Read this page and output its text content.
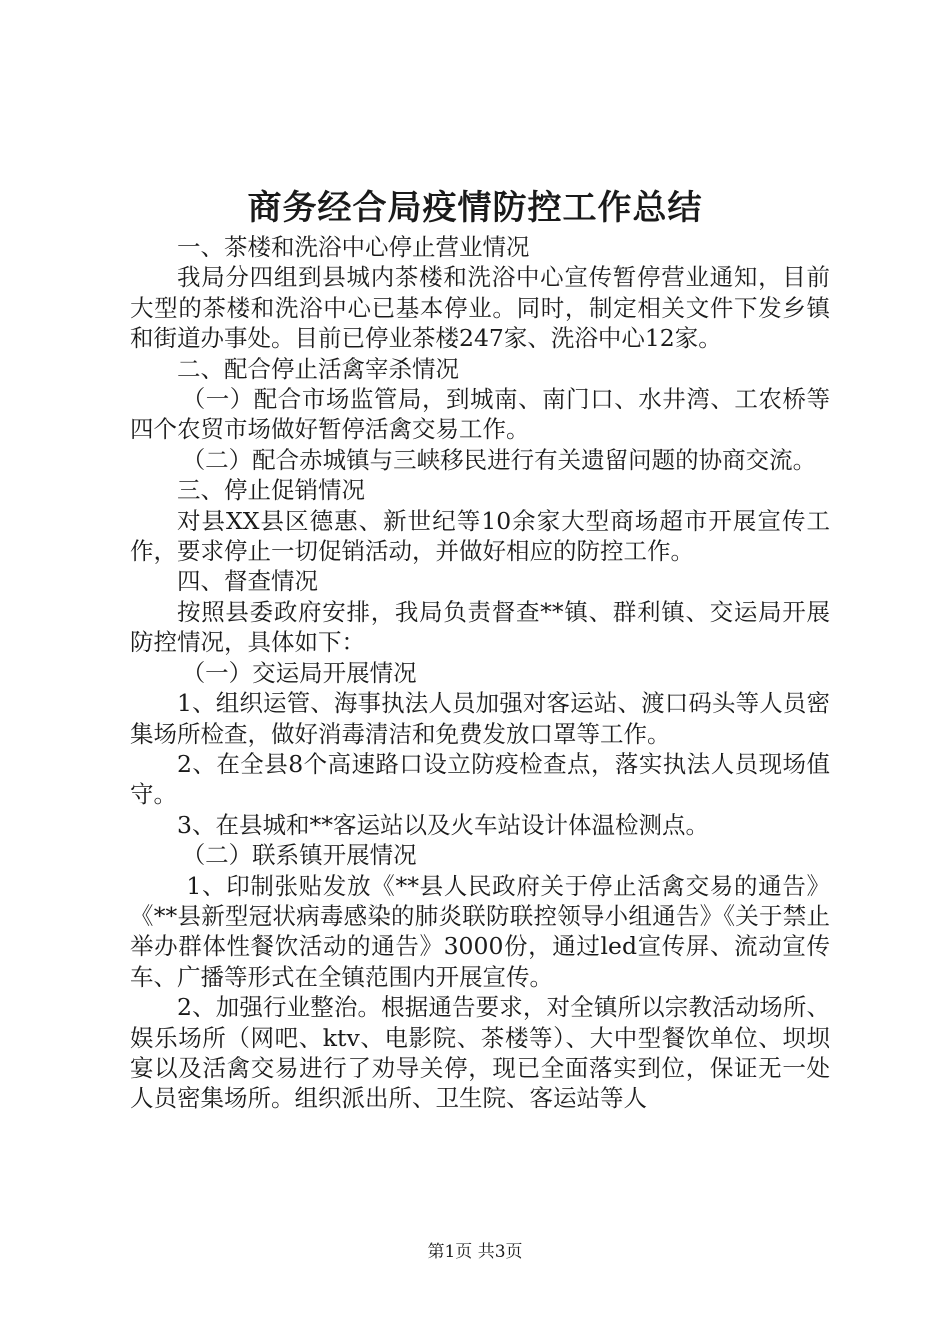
商务经合局疫情防控工作总结

一、茶楼和洗浴中心停止营业情况

我局分四组到县城内茶楼和洗浴中心宣传暂停营业通知，目前大型的茶楼和洗浴中心已基本停业。同时，制定相关文件下发乡镇和街道办事处。目前已停业茶楼247家、洗浴中心12家。

二、配合停止活禽宰杀情况

（一）配合市场监管局，到城南、南门口、水井湾、工农桥等四个农贸市场做好暂停活禽交易工作。

（二）配合赤城镇与三峡移民进行有关遗留问题的协商交流。

三、停止促销情况

对县XX县区德惠、新世纪等10余家大型商场超市开展宣传工作，要求停止一切促销活动，并做好相应的防控工作。

四、督查情况

按照县委政府安排，我局负责督查**镇、群利镇、交运局开展防控情况，具体如下：

（一）交运局开展情况

1、组织运管、海事执法人员加强对客运站、渡口码头等人员密集场所检查，做好消毒清洁和免费发放口罩等工作。

2、在全县8个高速路口设立防疫检查点，落实执法人员现场值守。

3、在县城和**客运站以及火车站设计体温检测点。

（二）联系镇开展情况

1、印制张贴发放《**县人民政府关于停止活禽交易的通告》《**县新型冠状病毒感染的肺炎联防联控领导小组通告》《关于禁止举办群体性餐饮活动的通告》3000份，通过led宣传屏、流动宣传车、广播等形式在全镇范围内开展宣传。

2、加强行业整治。根据通告要求，对全镇所以宗教活动场所、娱乐场所（网吧、ktv、电影院、茶楼等）、大中型餐饮单位、坝坝宴以及活禽交易进行了劝导关停，现已全面落实到位，保证无一处人员密集场所。组织派出所、卫生院、客运站等人

第1页 共3页
